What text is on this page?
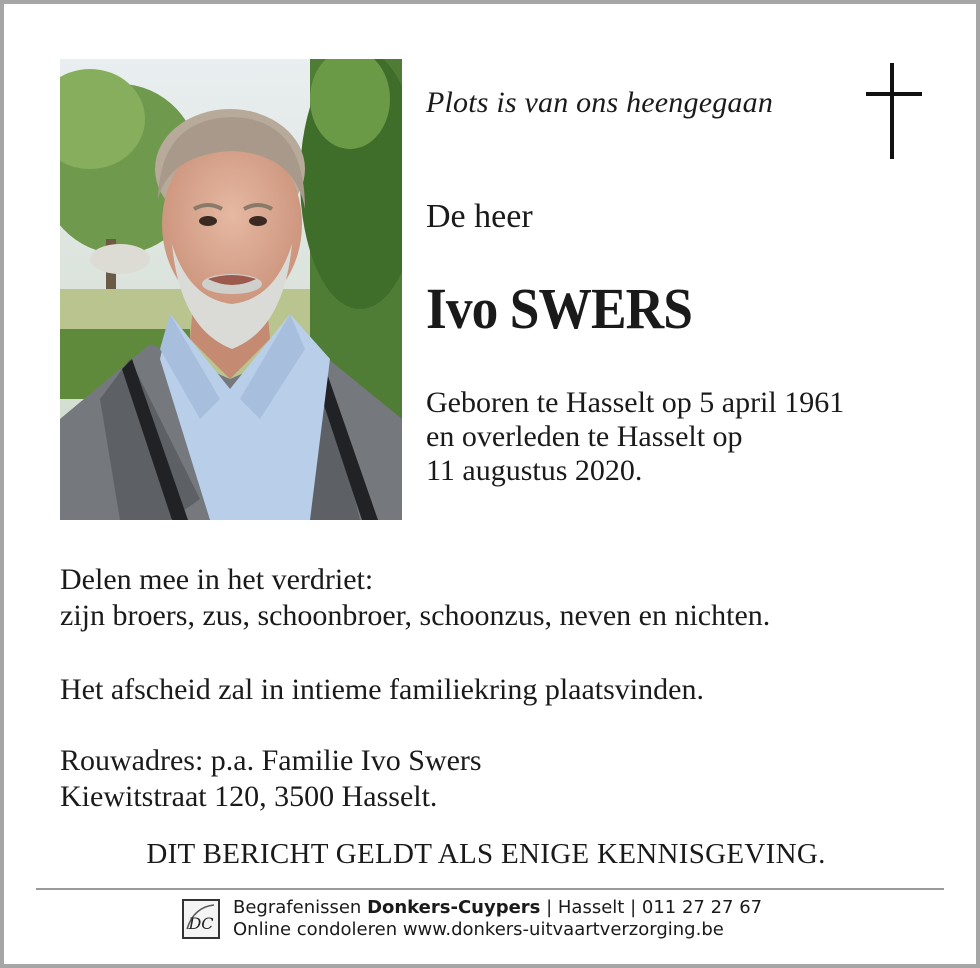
Plots is van ons heengegaan
De heer
Ivo SWERS
Geboren te Hasselt op 5 april 1961
en overleden te Hasselt op
11 augustus 2020.
Delen mee in het verdriet:
zijn broers, zus, schoonbroer, schoonzus, neven en nichten.
Het afscheid zal in intieme familiekring plaatsvinden.
Rouwadres: p.a. Familie Ivo Swers
Kiewitstraat 120, 3500 Hasselt.
DIT BERICHT GELDT ALS ENIGE KENNISGEVING.
DC
Begrafenissen Donkers-Cuypers | Hasselt | 011 27 27 67
Online condoleren www.donkers-uitvaartverzorging.be
